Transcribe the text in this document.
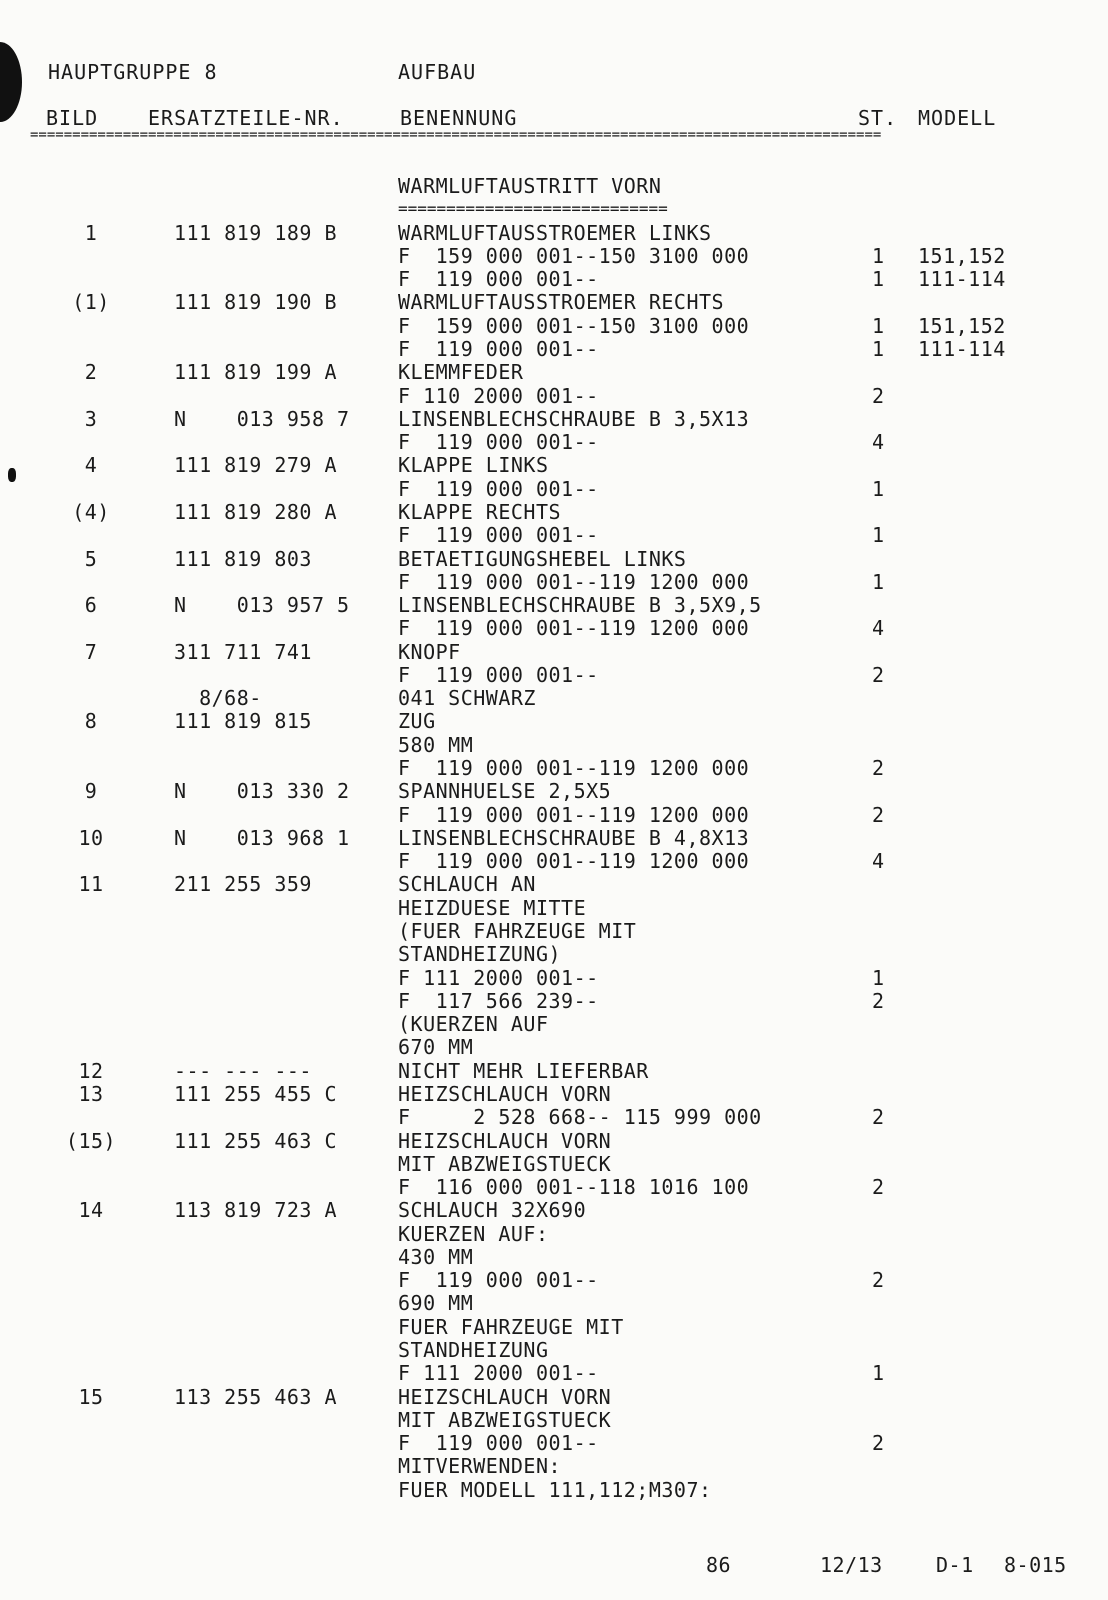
HAUPTGRUPPE 8	AUFBAU
BILD ERSATZTEILE-NR.	BENENNUNG	ST. MODELL
=====================================================================================================
WARMLUFTAUSTRITT VORN
============================
1	111 819 189 B	WARMLUFTAUSSTROEMER LINKS
F  159 000 001--150 3100 000	1	151,152
F  119 000 001--	1	111-114
(1)	111 819 190 B	WARMLUFTAUSSTROEMER RECHTS
F  159 000 001--150 3100 000	1	151,152
F  119 000 001--	1	111-114
2	111 819 199 A	KLEMMFEDER
F 110 2000 001--	2
3	N    013 958 7	LINSENBLECHSCHRAUBE B 3,5X13
F  119 000 001--	4
4	111 819 279 A	KLAPPE LINKS
F  119 000 001--	1
(4)	111 819 280 A	KLAPPE RECHTS
F  119 000 001--	1
5	111 819 803	BETAETIGUNGSHEBEL LINKS
F  119 000 001--119 1200 000	1
6	N    013 957 5	LINSENBLECHSCHRAUBE B 3,5X9,5
F  119 000 001--119 1200 000	4
7	311 711 741	KNOPF
F  119 000 001--	2
8/68-	041 SCHWARZ
8	111 819 815	ZUG
580 MM
F  119 000 001--119 1200 000	2
9	N    013 330 2	SPANNHUELSE 2,5X5
F  119 000 001--119 1200 000	2
10	N    013 968 1	LINSENBLECHSCHRAUBE B 4,8X13
F  119 000 001--119 1200 000	4
11	211 255 359	SCHLAUCH AN
HEIZDUESE MITTE
(FUER FAHRZEUGE MIT
STANDHEIZUNG)
F 111 2000 001--	1
F  117 566 239--	2
(KUERZEN AUF
670 MM
12	--- --- ---	NICHT MEHR LIEFERBAR
13	111 255 455 C	HEIZSCHLAUCH VORN
F     2 528 668-- 115 999 000	2
(15)	111 255 463 C	HEIZSCHLAUCH VORN
MIT ABZWEIGSTUECK
F  116 000 001--118 1016 100	2
14	113 819 723 A	SCHLAUCH 32X690
KUERZEN AUF:
430 MM
F  119 000 001--	2
690 MM
FUER FAHRZEUGE MIT
STANDHEIZUNG
F 111 2000 001--	1
15	113 255 463 A	HEIZSCHLAUCH VORN
MIT ABZWEIGSTUECK
F  119 000 001--	2
MITVERWENDEN:
FUER MODELL 111,112;M307:
86	12/13	D-1 8-015
